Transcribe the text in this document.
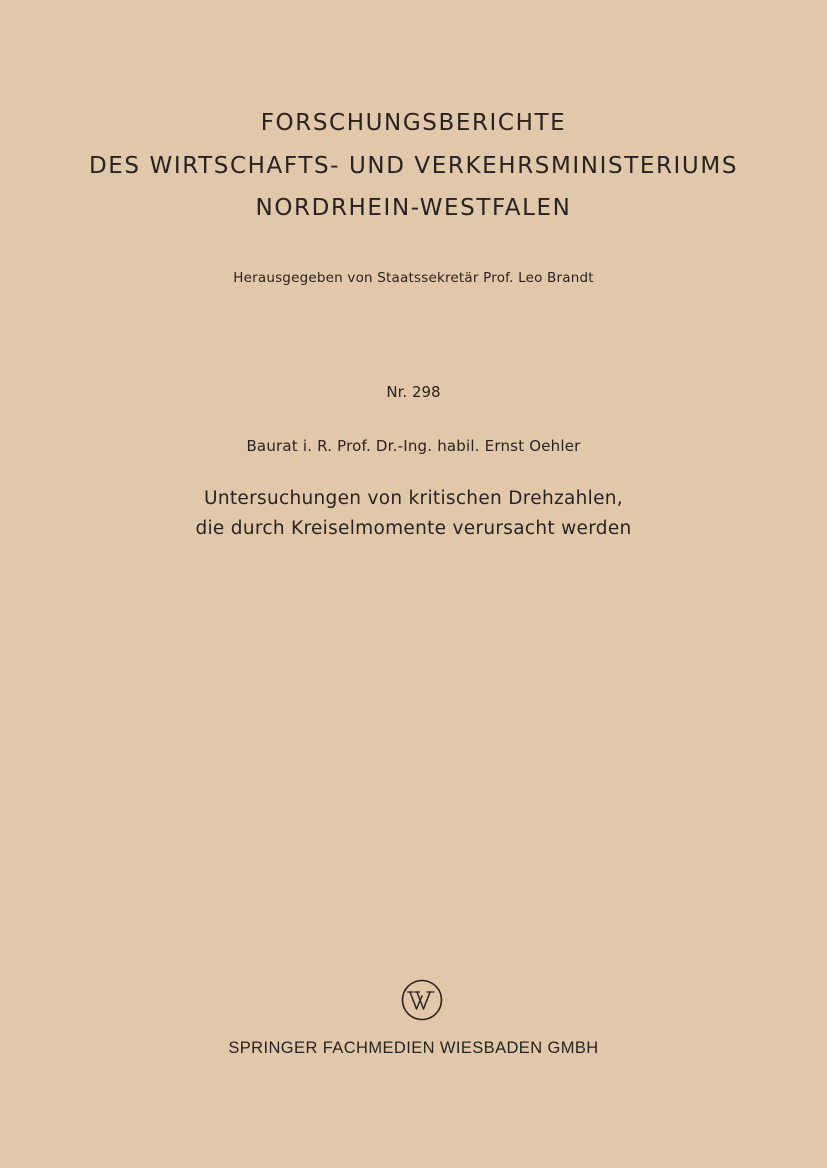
FORSCHUNGSBERICHTE
DES WIRTSCHAFTS- UND VERKEHRSMINISTERIUMS
NORDRHEIN-WESTFALEN
Herausgegeben von Staatssekretär Prof. Leo Brandt
Nr. 298
Baurat i. R. Prof. Dr.-Ing. habil. Ernst Oehler
Untersuchungen von kritischen Drehzahlen,
die durch Kreiselmomente verursacht werden
SPRINGER FACHMEDIEN WIESBADEN GMBH
